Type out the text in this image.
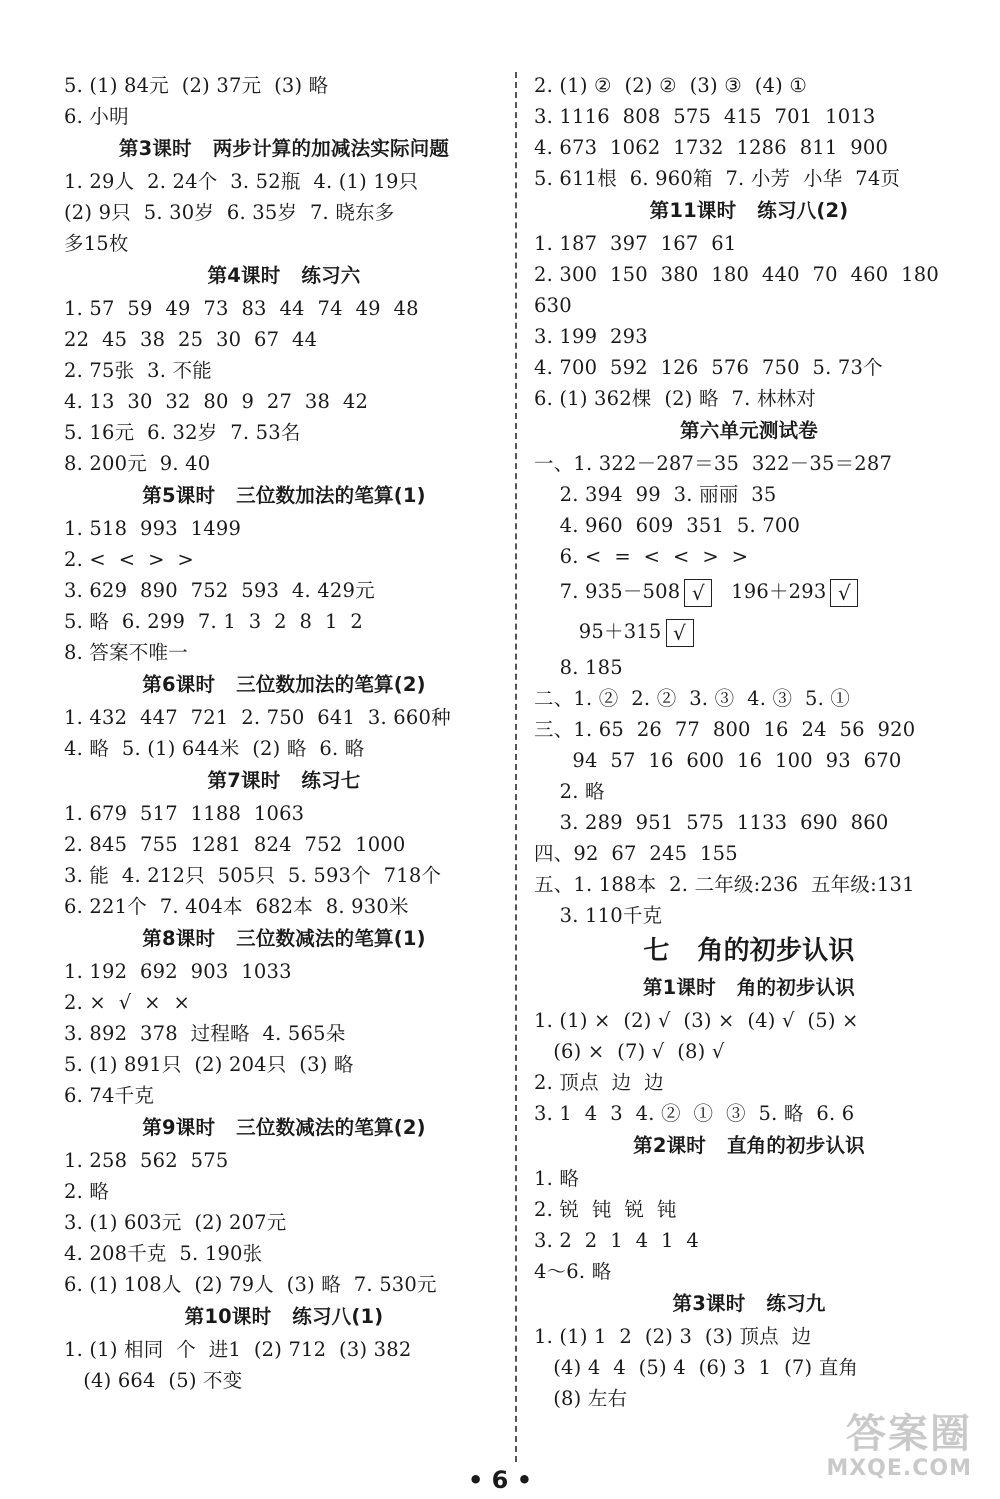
5. (1) 84元  (2) 37元  (3) 略
6. 小明
第3课时   两步计算的加减法实际问题
1. 29人  2. 24个  3. 52瓶  4. (1) 19只
(2) 9只  5. 30岁  6. 35岁  7. 晓东多
多15枚
第4课时   练习六
1. 57  59  49  73  83  44  74  49  48
22  45  38  25  30  67  44
2. 75张  3. 不能
4. 13  30  32  80  9  27  38  42
5. 16元  6. 32岁  7. 53名
8. 200元  9. 40
第5课时   三位数加法的笔算(1)
1. 518  993  1499
2. <  <  >  >
3. 629  890  752  593  4. 429元
5. 略  6. 299  7. 1  3  2  8  1  2
8. 答案不唯一
第6课时   三位数加法的笔算(2)
1. 432  447  721  2. 750  641  3. 660种
4. 略  5. (1) 644米  (2) 略  6. 略
第7课时   练习七
1. 679  517  1188  1063
2. 845  755  1281  824  752  1000
3. 能  4. 212只  505只  5. 593个  718个
6. 221个  7. 404本  682本  8. 930米
第8课时   三位数减法的笔算(1)
1. 192  692  903  1033
2. ×  √  ×  ×
3. 892  378  过程略  4. 565朵
5. (1) 891只  (2) 204只  (3) 略
6. 74千克
第9课时   三位数减法的笔算(2)
1. 258  562  575
2. 略
3. (1) 603元  (2) 207元
4. 208千克  5. 190张
6. (1) 108人  (2) 79人  (3) 略  7. 530元
第10课时   练习八(1)
1. (1) 相同  个  进1  (2) 712  (3) 382
(4) 664  (5) 不变
2. (1) ②  (2) ②  (3) ③  (4) ①
3. 1116  808  575  415  701  1013
4. 673  1062  1732  1286  811  900
5. 611根  6. 960箱  7. 小芳  小华  74页
第11课时   练习八(2)
1. 187  397  167  61
2. 300  150  380  180  440  70  460  180
630
3. 199  293
4. 700  592  126  576  750  5. 73个
6. (1) 362棵  (2) 略  7. 林林对
第六单元测试卷
一、1. 322－287＝35  322－35＝287
2. 394  99  3. 丽丽  35
4. 960  609  351  5. 700
6. <  =  <  <  >  >
7. 935－508 √  196＋293 √
95＋315 √
8. 185
二、1. ②  2. ②  3. ③  4. ③  5. ①
三、1. 65  26  77  800  16  24  56  920
94  57  16  600  16  100  93  670
2. 略
3. 289  951  575  1133  690  860
四、92  67  245  155
五、1. 188本  2. 二年级:236  五年级:131
3. 110千克
七   角的初步认识
第1课时   角的初步认识
1. (1) ×  (2) √  (3) ×  (4) √  (5) ×
(6) ×  (7) √  (8) √
2. 顶点  边  边
3. 1  4  3  4. ②  ①  ③  5. 略  6. 6
第2课时   直角的初步认识
1. 略
2. 锐  钝  锐  钝
3. 2  2  1  4  1  4
4～6. 略
第3课时   练习九
1. (1) 1  2  (2) 3  (3) 顶点  边
(4) 4  4  (5) 4  (6) 3  1  (7) 直角
(8) 左右
• 6 •
答案圈
MXQE.COM
